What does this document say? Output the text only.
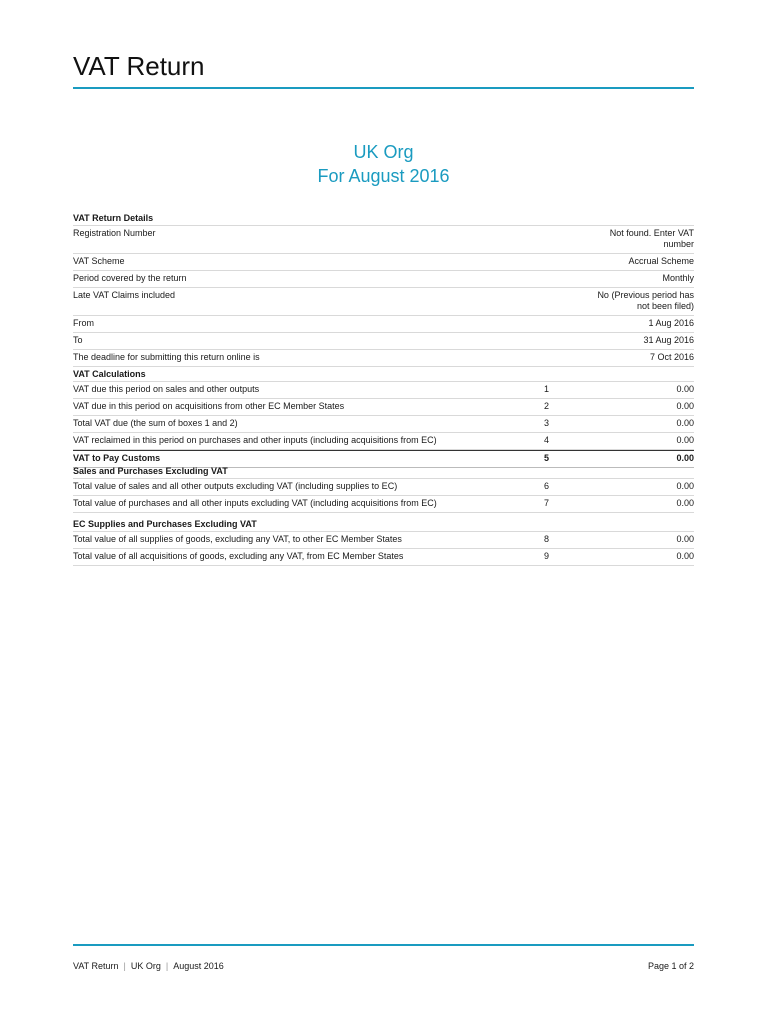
VAT Return
UK Org
For August 2016
VAT Return Details
Registration Number	Not found. Enter VAT
number
VAT Scheme	Accrual Scheme
Period covered by the return	Monthly
Late VAT Claims included	No (Previous period has
not been filed)
From	1 Aug 2016
To	31 Aug 2016
The deadline for submitting this return online is	7 Oct 2016
VAT Calculations
VAT due this period on sales and other outputs	1	0.00
VAT due in this period on acquisitions from other EC Member States	2	0.00
Total VAT due (the sum of boxes 1 and 2)	3	0.00
VAT reclaimed in this period on purchases and other inputs (including acquisitions from EC)	4	0.00
VAT to Pay Customs	5	0.00
Sales and Purchases Excluding VAT
Total value of sales and all other outputs excluding VAT (including supplies to EC)	6	0.00
Total value of purchases and all other inputs excluding VAT (including acquisitions from EC)	7	0.00
EC Supplies and Purchases Excluding VAT
Total value of all supplies of goods, excluding any VAT, to other EC Member States	8	0.00
Total value of all acquisitions of goods, excluding any VAT, from EC Member States	9	0.00
VAT Return | UK Org | August 2016	Page 1 of 2
